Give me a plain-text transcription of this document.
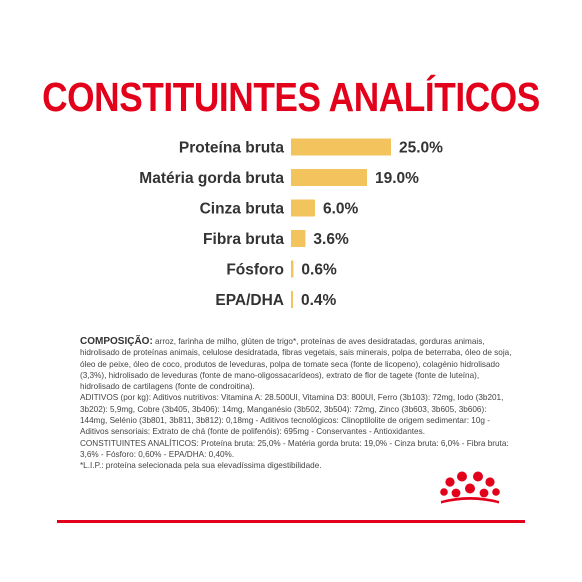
CONSTITUINTES ANALÍTICOS
Proteína bruta	25.0%
Matéria gorda bruta	19.0%
Cinza bruta	6.0%
Fibra bruta 3.6%
Fósforo 0.6%
EPA/DHA 0.4%

COMPOSIÇÃO: arroz, farinha de milho, glúten de trigo*, proteínas de aves desidratadas, gorduras animais, hidrolisado de proteínas animais, celulose desidratada, fibras vegetais, sais minerais, polpa de beterraba, óleo de soja, óleo de peixe, óleo de coco, produtos de leveduras, polpa de tomate seca (fonte de licopeno), colagénio hidrolisado (3,3%), hidrolisado de leveduras (fonte de mano-oligossacarídeos), extrato de flor de tagete (fonte de luteína), hidrolisado de cartilagens (fonte de condroitina).

ADITIVOS (por kg): Aditivos nutritivos: Vitamina A: 28.500UI, Vitamina D3: 800UI, Ferro (3b103): 72mg, Iodo (3b201, 3b202): 5,9mg, Cobre (3b405, 3b406): 14mg, Manganésio (3b502, 3b504): 72mg, Zinco (3b603, 3b605, 3b606): 144mg, Selénio (3b801, 3b811, 3b812): 0,18mg - Aditivos tecnológicos: Clinoptilolite de origem sedimentar: 10g - Aditivos sensoriais: Extrato de chá (fonte de polifenóis): 695mg - Conservantes - Antioxidantes.

CONSTITUINTES ANALÍTICOS: Proteína bruta: 25,0% - Matéria gorda bruta: 19,0% - Cinza bruta: 6,0% - Fibra bruta: 3,6% - Fósforo: 0,60% - EPA/DHA: 0,40%.

*L.I.P.: proteína selecionada pela sua elevadíssima digestibilidade.
